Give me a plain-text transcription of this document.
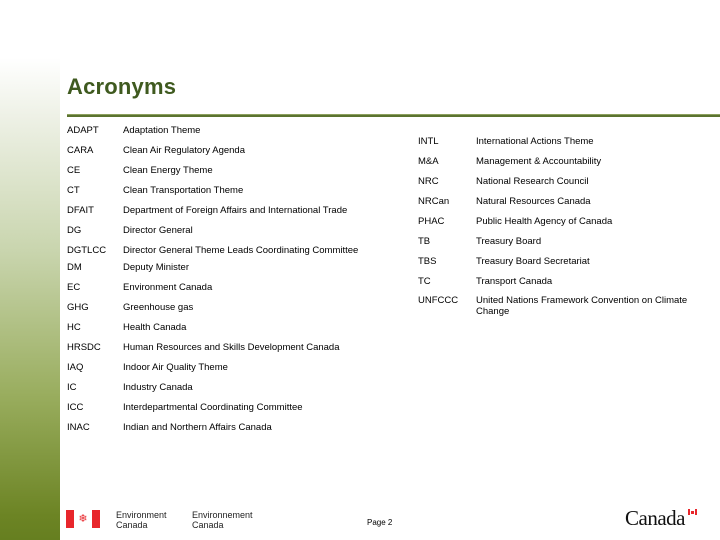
Acronyms
ADAPT	Adaptation Theme
CARA	Clean Air Regulatory Agenda
CE	Clean Energy Theme
CT	Clean Transportation Theme
DFAIT	Department of Foreign Affairs and International Trade
DG	Director General
DGTLCC Director General Theme Leads Coordinating Committee
DM	Deputy Minister
EC	Environment Canada
GHG	Greenhouse gas
HC	Health Canada
HRSDC Human Resources and Skills Development Canada
IAQ	Indoor Air Quality Theme
IC	Industry Canada
ICC	Interdepartmental Coordinating Committee
INAC	Indian and Northern Affairs Canada
INTL	International Actions Theme
M&A	Management & Accountability
NRC	National Research Council
NRCan	Natural Resources Canada
PHAC	Public Health Agency of Canada
TB	Treasury Board
TBS	Treasury Board Secretariat
TC	Transport Canada
UNFCCC United Nations Framework Convention on Climate Change
❄	Environment
Canada
Environnement
Canada	Page 2	Canada
